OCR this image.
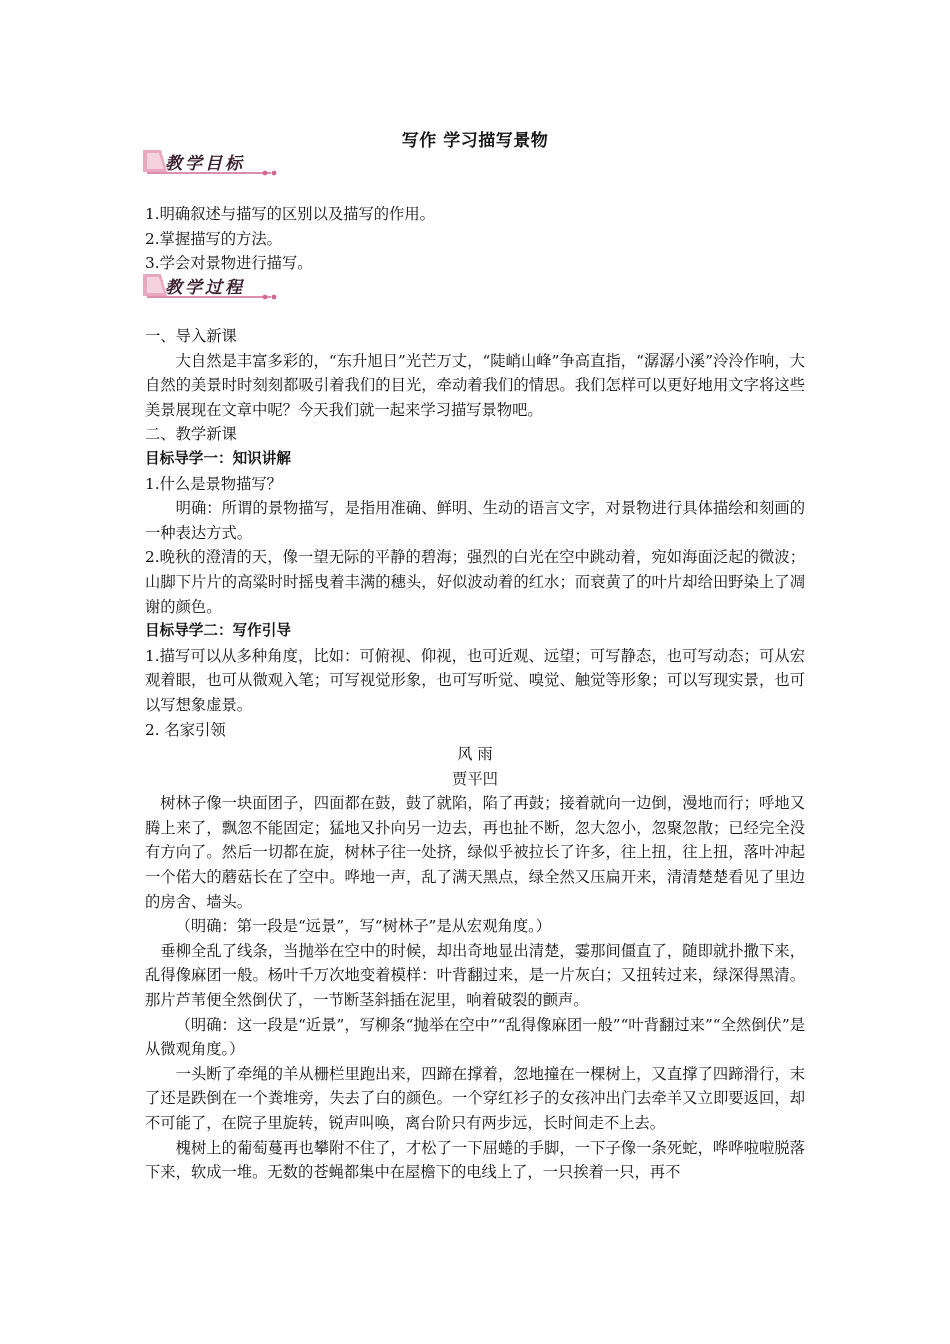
写作 学习描写景物
教学目标

1.明确叙述与描写的区别以及描写的作用。

2.掌握描写的方法。

3.学会对景物进行描写。

教学过程

一、导入新课

大自然是丰富多彩的，“东升旭日”光芒万丈，“陡峭山峰”争高直指，“潺潺小溪”泠泠作响，大自然的美景时时刻刻都吸引着我们的目光，牵动着我们的情思。我们怎样可以更好地用文字将这些美景展现在文章中呢？今天我们就一起来学习描写景物吧。

二、教学新课

目标导学一：知识讲解

1.什么是景物描写？

明确：所谓的景物描写，是指用准确、鲜明、生动的语言文字，对景物进行具体描绘和刻画的一种表达方式。

2.晚秋的澄清的天，像一望无际的平静的碧海；强烈的白光在空中跳动着，宛如海面泛起的微波；山脚下片片的高粱时时摇曳着丰满的穗头，好似波动着的红水；而衰黄了的叶片却给田野染上了凋谢的颜色。

目标导学二：写作引导

1.描写可以从多种角度，比如：可俯视、仰视，也可近观、远望；可写静态，也可写动态；可从宏观着眼，也可从微观入笔；可写视觉形象，也可写听觉、嗅觉、触觉等形象；可以写现实景，也可以写想象虚景。

2. 名家引领

风 雨

贾平凹

树林子像一块面团子，四面都在鼓，鼓了就陷，陷了再鼓；接着就向一边倒，漫地而行；呼地又腾上来了，飘忽不能固定；猛地又扑向另一边去，再也扯不断，忽大忽小，忽聚忽散；已经完全没有方向了。然后一切都在旋，树林子往一处挤，绿似乎被拉长了许多，往上扭，往上扭，落叶冲起一个偌大的蘑菇长在了空中。哗地一声，乱了满天黑点，绿全然又压扁开来，清清楚楚看见了里边的房舍、墙头。

（明确：第一段是“远景”，写“树林子”是从宏观角度。）

垂柳全乱了线条，当抛举在空中的时候，却出奇地显出清楚，霎那间僵直了，随即就扑撒下来，乱得像麻团一般。杨叶千万次地变着模样：叶背翻过来，是一片灰白；又扭转过来，绿深得黑清。那片芦苇便全然倒伏了，一节断茎斜插在泥里，响着破裂的颤声。

（明确：这一段是“近景”，写柳条“抛举在空中”“乱得像麻团一般”“叶背翻过来”“全然倒伏”是从微观角度。）

一头断了牵绳的羊从栅栏里跑出来，四蹄在撑着，忽地撞在一棵树上，又直撑了四蹄滑行，末了还是跌倒在一个粪堆旁，失去了白的颜色。一个穿红衫子的女孩冲出门去牵羊又立即要返回，却不可能了，在院子里旋转，锐声叫唤，离台阶只有两步远，长时间走不上去。

槐树上的葡萄蔓再也攀附不住了，才松了一下屈蜷的手脚，一下子像一条死蛇，哗哗啦啦脱落下来，软成一堆。无数的苍蝇都集中在屋檐下的电线上了，一只挨着一只，再不
